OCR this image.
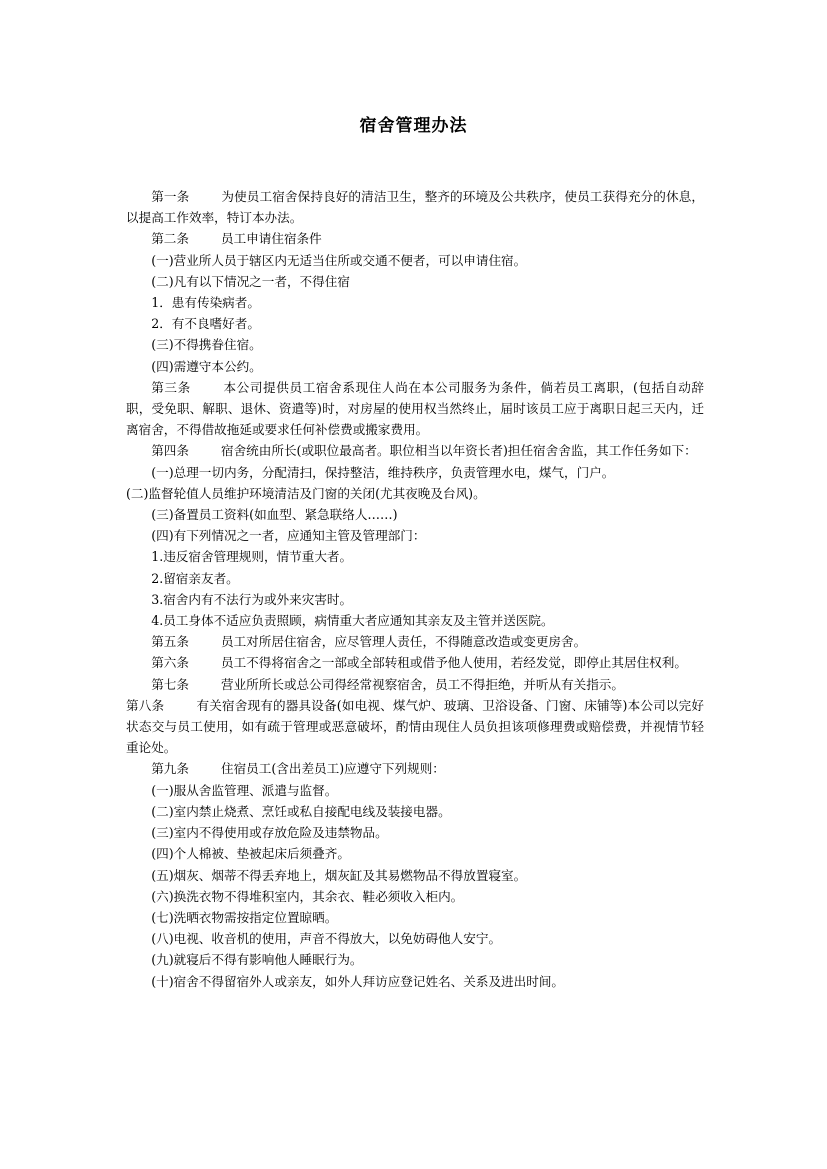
宿舍管理办法

第一条	为使员工宿舍保持良好的清洁卫生，整齐的环境及公共秩序，使员工获得充分的休息，以提高工作效率，特订本办法。

第二条	员工申请住宿条件

(一)营业所人员于辖区内无适当住所或交通不便者，可以申请住宿。

(二)凡有以下情况之一者，不得住宿

1．患有传染病者。

2．有不良嗜好者。

(三)不得携眷住宿。

(四)需遵守本公约。

第三条	本公司提供员工宿舍系现住人尚在本公司服务为条件，倘若员工离职，(包括自动辞职，受免职、解职、退休、资遣等)时，对房屋的使用权当然终止，届时该员工应于离职日起三天内，迁离宿舍，不得借故拖延或要求任何补偿费或搬家费用。

第四条	宿舍统由所长(或职位最高者。职位相当以年资长者)担任宿舍舍监，其工作任务如下：

(一)总理一切内务，分配清扫，保持整洁，维持秩序，负责管理水电，煤气，门户。

(二)监督轮值人员维护环境清洁及门窗的关闭(尤其夜晚及台风)。

(三)备置员工资料(如血型、紧急联络人……)

(四)有下列情况之一者，应通知主管及管理部门：

1.违反宿舍管理规则，情节重大者。

2.留宿亲友者。

3.宿舍内有不法行为或外来灾害时。

4.员工身体不适应负责照顾，病情重大者应通知其亲友及主管并送医院。

第五条	员工对所居住宿舍，应尽管理人责任，不得随意改造或变更房舍。

第六条	员工不得将宿舍之一部或全部转租或借予他人使用，若经发觉，即停止其居住权利。

第七条	营业所所长或总公司得经常视察宿舍，员工不得拒绝，并听从有关指示。

第八条	有关宿舍现有的器具设备(如电视、煤气炉、玻璃、卫浴设备、门窗、床铺等)本公司以完好状态交与员工使用，如有疏于管理或恶意破坏，酌情由现住人员负担该项修理费或赔偿费，并视情节轻重论处。

第九条	住宿员工(含出差员工)应遵守下列规则：

(一)服从舍监管理、派遣与监督。

(二)室内禁止烧煮、烹饪或私自接配电线及装接电器。

(三)室内不得使用或存放危险及违禁物品。

(四)个人棉被、垫被起床后须叠齐。

(五)烟灰、烟蒂不得丢弃地上，烟灰缸及其易燃物品不得放置寝室。

(六)换洗衣物不得堆积室内，其余衣、鞋必须收入柜内。

(七)洗晒衣物需按指定位置晾晒。

(八)电视、收音机的使用，声音不得放大，以免妨碍他人安宁。

(九)就寝后不得有影响他人睡眠行为。

(十)宿舍不得留宿外人或亲友，如外人拜访应登记姓名、关系及进出时间。
